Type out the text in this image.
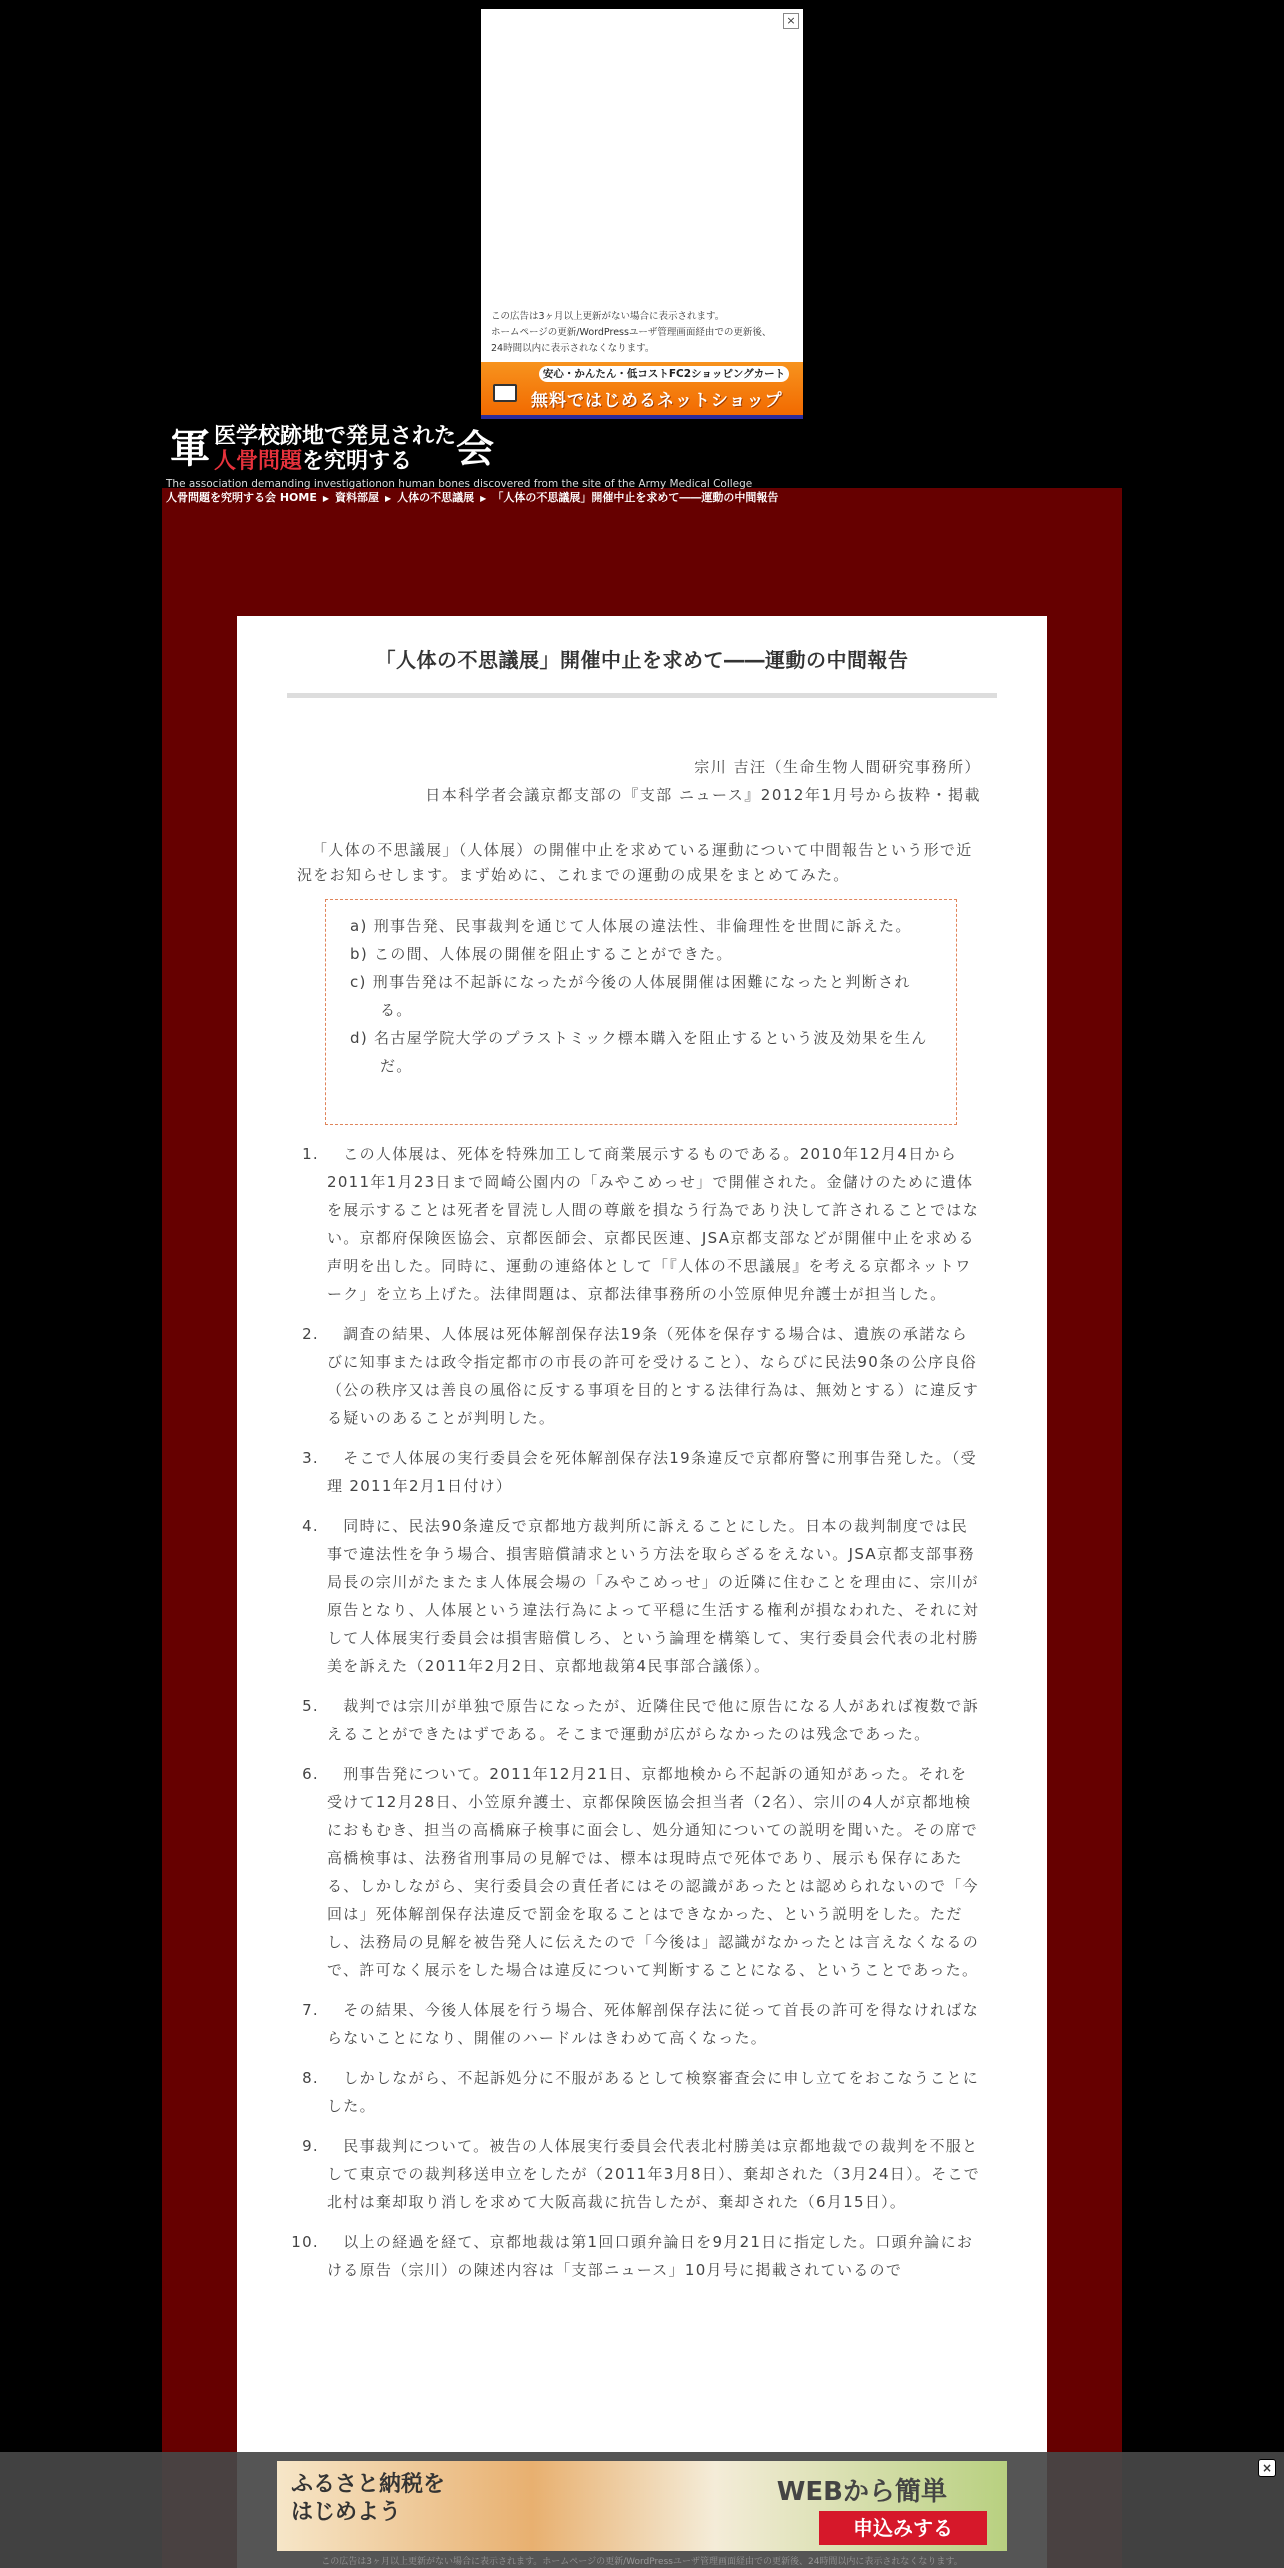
×
この広告は3ヶ月以上更新がない場合に表示されます。
ホームページの更新/WordPressユーザ管理画面経由での更新後、
24時間以内に表示されなくなります。
安心・かんたん・低コストFC2ショッピングカート
無料ではじめるネットショップ
軍 医学校跡地で発見された
人骨問題を究明する	会
The association demanding investigationon human bones discovered from the site of the Army Medical College
人骨問題を究明する会 HOME ▶ 資料部屋 ▶ 人体の不思議展 ▶ 「人体の不思議展」開催中止を求めて――運動の中間報告
「人体の不思議展」開催中止を求めて――運動の中間報告
宗川 吉汪（生命生物人間研究事務所）
日本科学者会議京都支部の『支部 ニュース』2012年1月号から抜粋・掲載

「人体の不思議展」（人体展）の開催中止を求めている運動について中間報告という形で近況をお知らせします。まず始めに、これまでの運動の成果をまとめてみた。

a) 刑事告発、民事裁判を通じて人体展の違法性、非倫理性を世間に訴えた。
b) この間、人体展の開催を阻止することができた。
c) 刑事告発は不起訴になったが今後の人体展開催は困難になったと判断される。
d) 名古屋学院大学のプラストミック標本購入を阻止するという波及効果を生んだ。
1. 　この人体展は、死体を特殊加工して商業展示するものである。2010年12月4日から2011年1月23日まで岡崎公園内の「みやこめっせ」で開催された。金儲けのために遺体を展示することは死者を冒涜し人間の尊厳を損なう行為であり決して許されることではない。京都府保険医協会、京都医師会、京都民医連、JSA京都支部などが開催中止を求める声明を出した。同時に、運動の連絡体として「『人体の不思議展』を考える京都ネットワーク」を立ち上げた。法律問題は、京都法律事務所の小笠原伸児弁護士が担当した。
2. 　調査の結果、人体展は死体解剖保存法19条（死体を保存する場合は、遺族の承諾ならびに知事または政令指定都市の市長の許可を受けること）、ならびに民法90条の公序良俗（公の秩序又は善良の風俗に反する事項を目的とする法律行為は、無効とする）に違反する疑いのあることが判明した。
3. 　そこで人体展の実行委員会を死体解剖保存法19条違反で京都府警に刑事告発した。（受理 2011年2月1日付け）
4. 　同時に、民法90条違反で京都地方裁判所に訴えることにした。日本の裁判制度では民事で違法性を争う場合、損害賠償請求という方法を取らざるをえない。JSA京都支部事務局長の宗川がたまたま人体展会場の「みやこめっせ」の近隣に住むことを理由に、宗川が原告となり、人体展という違法行為によって平穏に生活する権利が損なわれた、それに対して人体展実行委員会は損害賠償しろ、という論理を構築して、実行委員会代表の北村勝美を訴えた（2011年2月2日、京都地裁第4民事部合議係）。
5. 　裁判では宗川が単独で原告になったが、近隣住民で他に原告になる人があれば複数で訴えることができたはずである。そこまで運動が広がらなかったのは残念であった。
6. 　刑事告発について。2011年12月21日、京都地検から不起訴の通知があった。それを受けて12月28日、小笠原弁護士、京都保険医協会担当者（2名）、宗川の4人が京都地検におもむき、担当の高橋麻子検事に面会し、処分通知についての説明を聞いた。その席で高橋検事は、法務省刑事局の見解では、標本は現時点で死体であり、展示も保存にあたる、しかしながら、実行委員会の責任者にはその認識があったとは認められないので「今回は」死体解剖保存法違反で罰金を取ることはできなかった、という説明をした。ただし、法務局の見解を被告発人に伝えたので「今後は」認識がなかったとは言えなくなるので、許可なく展示をした場合は違反について判断することになる、ということであった。
7. 　その結果、今後人体展を行う場合、死体解剖保存法に従って首長の許可を得なければならないことになり、開催のハードルはきわめて高くなった。
8. 　しかしながら、不起訴処分に不服があるとして検察審査会に申し立てをおこなうことにした。
9. 　民事裁判について。被告の人体展実行委員会代表北村勝美は京都地裁での裁判を不服として東京での裁判移送申立をしたが（2011年3月8日）、棄却された（3月24日）。そこで北村は棄却取り消しを求めて大阪高裁に抗告したが、棄却された（6月15日）。
10. 　以上の経過を経て、京都地裁は第1回口頭弁論日を9月21日に指定した。口頭弁論における原告（宗川）の陳述内容は「支部ニュース」10月号に掲載されているので
×
ふるさと納税を
はじめよう
WEBから簡単
申込みする
この広告は3ヶ月以上更新がない場合に表示されます。ホームページの更新/WordPressユーザ管理画面経由での更新後、24時間以内に表示されなくなります。
